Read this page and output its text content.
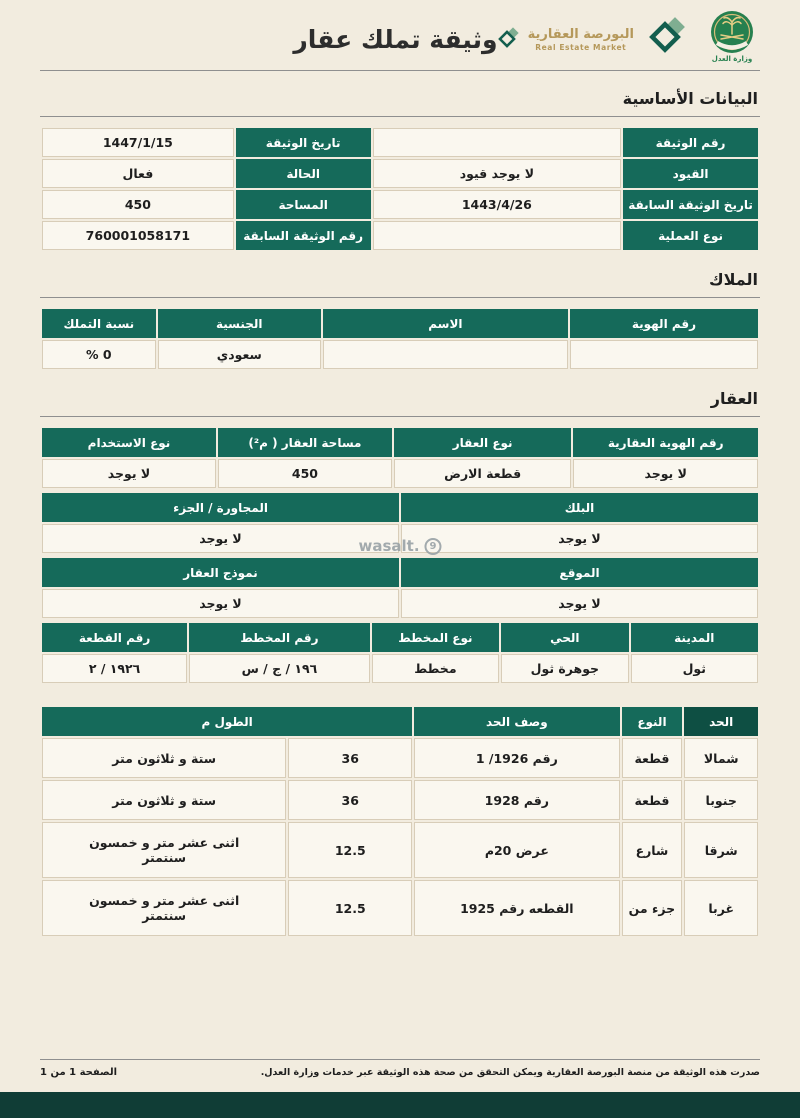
وزارة العدل
البورصة العقارية
Real Estate Market
وثيقة تملك عقار
البيانات الأساسية
رقم الوثيقة		تاريخ الوثيقة	1447/1/15
القيود	لا يوجد قيود	الحالة	فعال
تاريخ الوثيقة السابقة	1443/4/26	المساحة	450
نوع العملية		رقم الوثيقة السابقة	760001058171
الملاك
رقم الهوية	الاسم	الجنسية	نسبة التملك
		سعودي	0 %
العقار
رقم الهوية العقارية	نوع العقار	مساحة العقار ( م²)	نوع الاستخدام
لا يوجد	قطعة الارض	450	لا يوجد
البلك	المجاورة / الجزء
لا يوجد	لا يوجد
الموقع	نموذج العقار
لا يوجد	لا يوجد
المدينة	الحي	نوع المخطط	رقم المخطط	رقم القطعة
ثول	جوهرة ثول	مخطط	١٩٦ / ج / س	١٩٢٦ / ٢
الحد	النوع	وصف الحد	الطول م	
شمالا	قطعة	رقم 1926/ 1	36	ستة و ثلاثون متر
جنوبا	قطعة	رقم 1928	36	ستة و ثلاثون متر
شرقا	شارع	عرض 20م	12.5	اثنى عشر متر و خمسون سنتمتر
غربا	جزء من	القطعه رقم 1925	12.5	اثنى عشر متر و خمسون سنتمتر
wasalt. 9
صدرت هذه الوثيقة من منصة البورصة العقارية ويمكن التحقق من صحة هذه الوثيقة عبر خدمات وزارة العدل.
الصفحة 1 من 1
